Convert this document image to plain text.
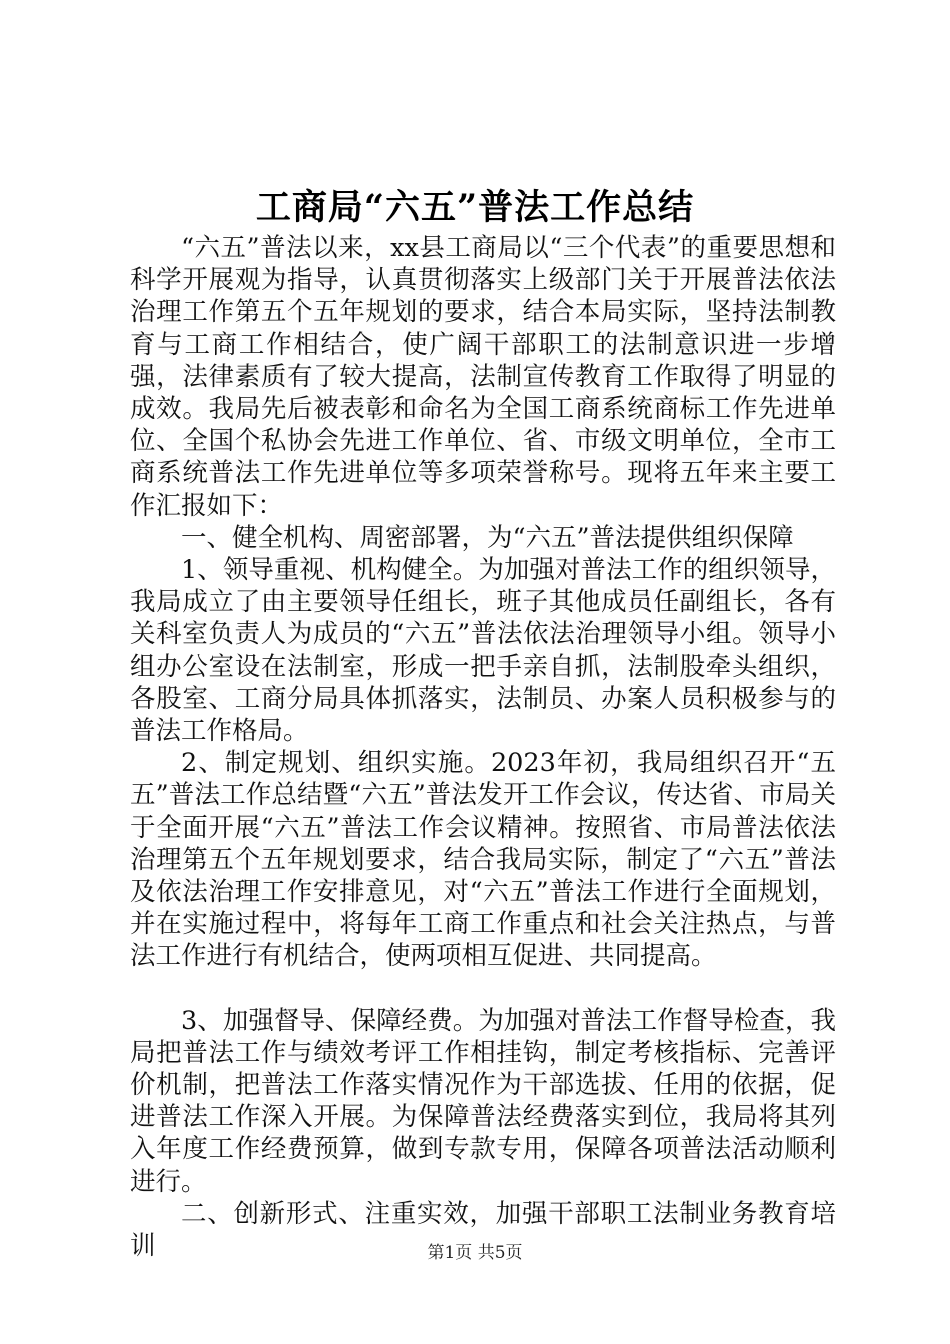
工商局“六五”普法工作总结

“六五”普法以来，xx县工商局以“三个代表”的重要思想和科学开展观为指导，认真贯彻落实上级部门关于开展普法依法治理工作第五个五年规划的要求，结合本局实际，坚持法制教育与工商工作相结合，使广阔干部职工的法制意识进一步增强，法律素质有了较大提高，法制宣传教育工作取得了明显的成效。我局先后被表彰和命名为全国工商系统商标工作先进单位、全国个私协会先进工作单位、省、市级文明单位，全市工商系统普法工作先进单位等多项荣誉称号。现将五年来主要工作汇报如下：

一、健全机构、周密部署，为“六五”普法提供组织保障

1、领导重视、机构健全。为加强对普法工作的组织领导，我局成立了由主要领导任组长，班子其他成员任副组长，各有关科室负责人为成员的“六五”普法依法治理领导小组。领导小组办公室设在法制室，形成一把手亲自抓，法制股牵头组织，各股室、工商分局具体抓落实，法制员、办案人员积极参与的普法工作格局。

2、制定规划、组织实施。2023年初，我局组织召开“五五”普法工作总结暨“六五”普法发开工作会议，传达省、市局关于全面开展“六五”普法工作会议精神。按照省、市局普法依法治理第五个五年规划要求，结合我局实际，制定了“六五”普法及依法治理工作安排意见，对“六五”普法工作进行全面规划，并在实施过程中，将每年工商工作重点和社会关注热点，与普法工作进行有机结合，使两项相互促进、共同提高。

3、加强督导、保障经费。为加强对普法工作督导检查，我局把普法工作与绩效考评工作相挂钩，制定考核指标、完善评价机制，把普法工作落实情况作为干部选拔、任用的依据，促进普法工作深入开展。为保障普法经费落实到位，我局将其列入年度工作经费预算，做到专款专用，保障各项普法活动顺利进行。

二、创新形式、注重实效，加强干部职工法制业务教育培训	第1页 共5页
